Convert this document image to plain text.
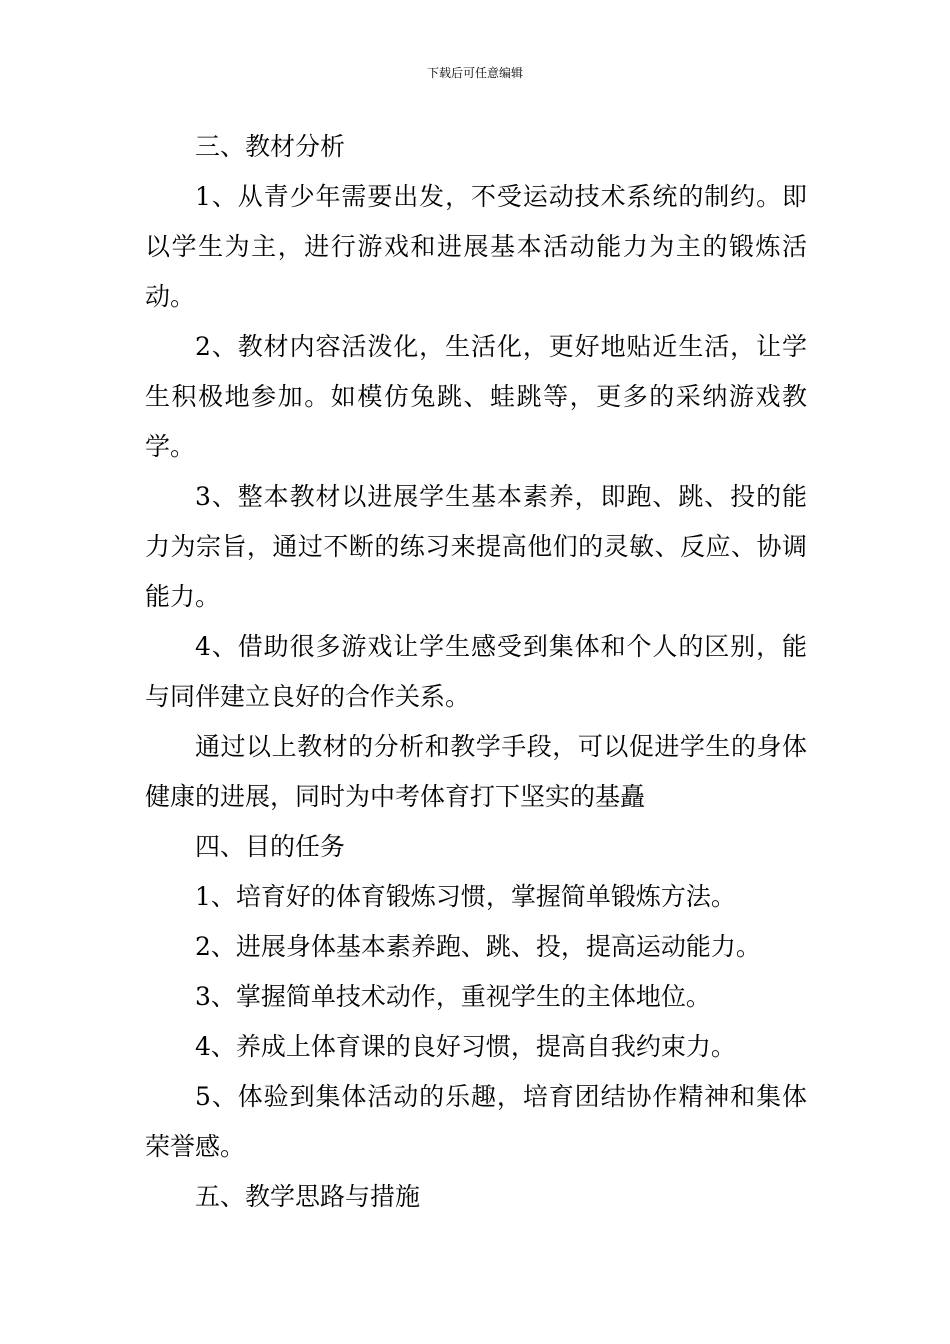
下载后可任意编辑

三、教材分析

1、从青少年需要出发，不受运动技术系统的制约。即以学生为主，进行游戏和进展基本活动能力为主的锻炼活动。

2、教材内容活泼化，生活化，更好地贴近生活，让学生积极地参加。如模仿兔跳、蛙跳等，更多的采纳游戏教学。

3、整本教材以进展学生基本素养，即跑、跳、投的能力为宗旨，通过不断的练习来提高他们的灵敏、反应、协调能力。

4、借助很多游戏让学生感受到集体和个人的区别，能与同伴建立良好的合作关系。

通过以上教材的分析和教学手段，可以促进学生的身体健康的进展，同时为中考体育打下坚实的基矗

四、目的任务

1、培育好的体育锻炼习惯，掌握简单锻炼方法。

2、进展身体基本素养跑、跳、投，提高运动能力。

3、掌握简单技术动作，重视学生的主体地位。

4、养成上体育课的良好习惯，提高自我约束力。

5、体验到集体活动的乐趣，培育团结协作精神和集体荣誉感。

五、教学思路与措施
